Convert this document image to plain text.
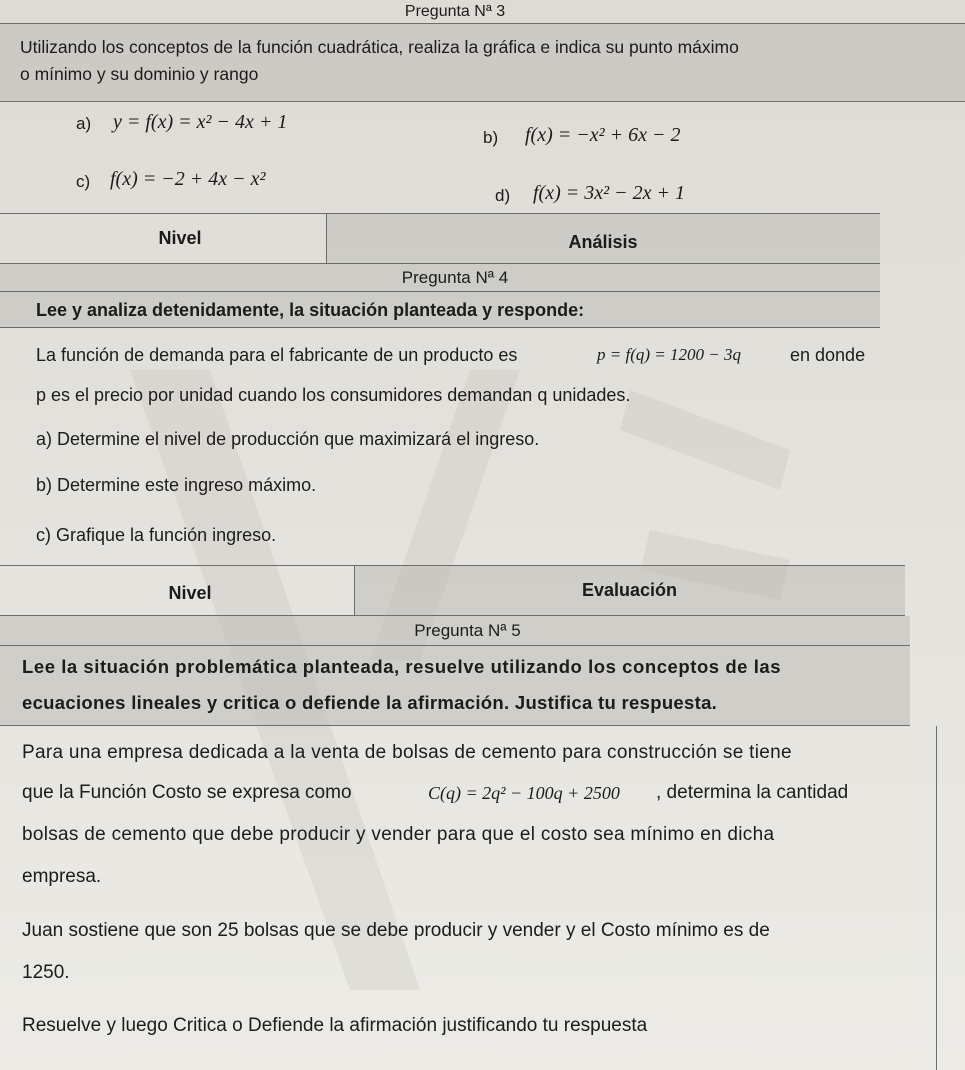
Pregunta Nª 3
Utilizando los conceptos de la función cuadrática, realiza la gráfica e indica su punto máximo
o mínimo y su dominio y rango
a) y = f(x) = x² − 4x + 1
b) f(x) = −x² + 6x − 2
c) f(x) = −2 + 4x − x²
d) f(x) = 3x² − 2x + 1
Nivel	Análisis
Pregunta Nª 4
Lee y analiza detenidamente, la situación planteada y responde:
La función de demanda para el fabricante de un producto es	p = f(q) = 1200 − 3q	en donde
p es el precio por unidad cuando los consumidores demandan q unidades.
a) Determine el nivel de producción que maximizará el ingreso.
b) Determine este ingreso máximo.
c) Grafique la función ingreso.
Nivel	Evaluación
Pregunta Nª 5
Lee la situación problemática planteada, resuelve utilizando los conceptos de las
ecuaciones lineales y critica o defiende la afirmación. Justifica tu respuesta.
Para una empresa dedicada a la venta de bolsas de cemento para construcción se tiene
que la Función Costo se expresa como	C(q) = 2q² − 100q + 2500 , determina la cantidad
bolsas de cemento que debe producir y vender para que el costo sea mínimo en dicha
empresa.
Juan sostiene que son 25 bolsas que se debe producir y vender y el Costo mínimo es de
1250.
Resuelve y luego Critica o Defiende la afirmación justificando tu respuesta
